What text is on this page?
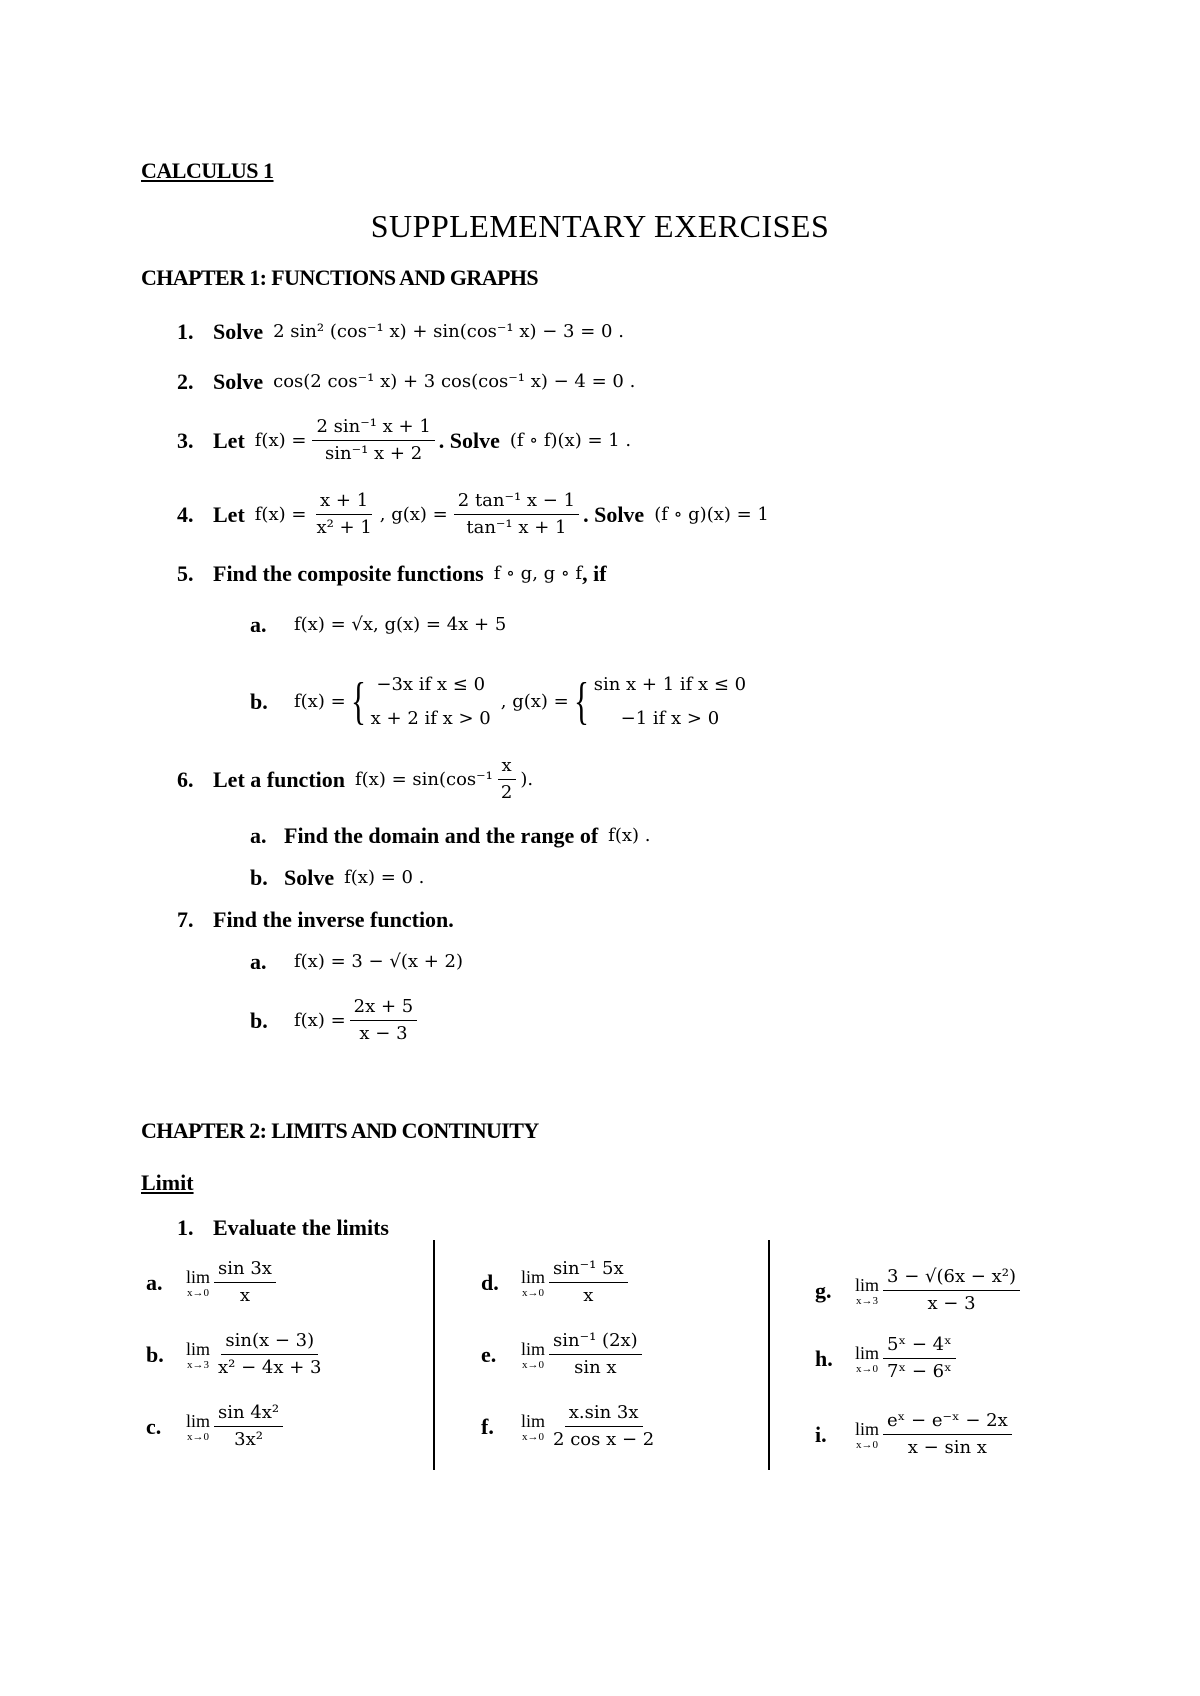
CALCULUS 1
SUPPLEMENTARY EXERCISES
CHAPTER 1: FUNCTIONS AND GRAPHS
1. Solve 2 sin² (cos⁻¹ x) + sin(cos⁻¹ x) − 3 = 0 .
2. Solve cos(2 cos⁻¹ x) + 3 cos(cos⁻¹ x) − 4 = 0 .
3. Let $f(x) = \frac{\text{2 sin⁻¹ x + 1}}{\text{sin⁻¹ x + 2}}$ . Solve (f ∘ f)(x) = 1 .
4. Let $f(x) = \frac{x + 1}{\text{x² + 1}}$ , $g(x) = \frac{\text{2 tan⁻¹ x − 1}}{\text{tan⁻¹ x + 1}}$ . Solve (f ∘ g)(x) = 1
5. Find the composite functions f ∘ g, g ∘ f , if
a.	f(x) = √x, g(x) = 4x + 5
b.	f(x) = { −3x if x ≤ 0
x + 2 if x > 0
, g(x) = { sin x + 1 if x ≤ 0
−1 if x > 0
6. Let a function $f(x) = \sin(\cos^{-1} \frac{x}{2}$ ).
a. Find the domain and the range of f(x) .
b. Solve f(x) = 0 .
7. Find the inverse function.
a.	f(x) = 3 − √(x + 2)
b.	$f(x) = \frac{2x + 5}{x - 3}$
CHAPTER 2: LIMITS AND CONTINUITY
Limit
1. Evaluate the limits
a.	lim
$x\to 0 \frac{\sin 3x}{x}$
b.	lim
$x\to 3 \frac{\sin(x - 3)}{\text{x² − 4x + 3}}$
c.	lim
$x\to 0 \frac{\text{sin 4x²}}{\text{3x²}}$
d.	lim
$x\to 0 \frac{\text{sin⁻¹ 5x}}{x}$
e.	lim
$x\to 0 \frac{\text{sin⁻¹ (2x)}}{\text{sin x}}$
f.	lim
$x\to 0 \frac{x.\sin 3x}{\text{2 cos x − 2}}$
g.	lim
$x\to 3 \frac{\text{3 − √(6x − x²)}}{x - 3}$
h.	lim
$x\to 0 \frac{\text{5ˣ − 4ˣ}}{\text{7ˣ − 6ˣ}}$
i.	lim
$x\to 0 \frac{\text{eˣ − e⁻ˣ − 2x}}{\text{x − sin x}}$
